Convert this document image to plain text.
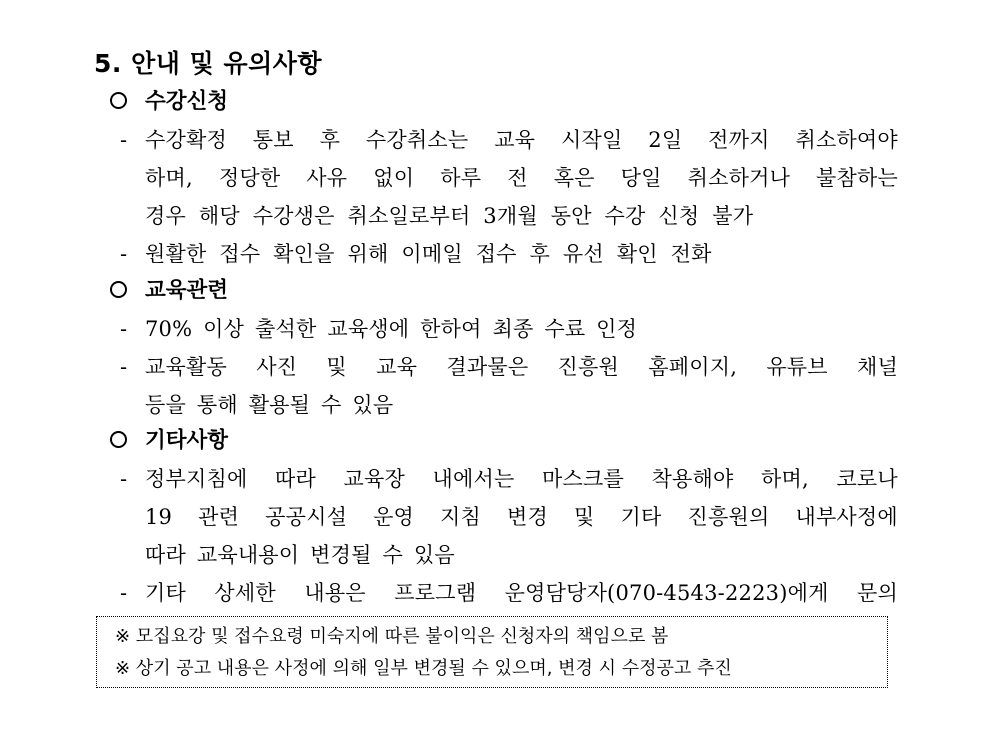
5. 안내 및 유의사항
수강신청
- 수강확정 통보 후 수강취소는 교육 시작일 2일 전까지 취소하여야
하며, 정당한 사유 없이 하루 전 혹은 당일 취소하거나 불참하는
경우 해당 수강생은 취소일로부터 3개월 동안 수강 신청 불가
- 원활한 접수 확인을 위해 이메일 접수 후 유선 확인 전화
교육관련
- 70% 이상 출석한 교육생에 한하여 최종 수료 인정
- 교육활동 사진 및 교육 결과물은 진흥원 홈페이지, 유튜브 채널
등을 통해 활용될 수 있음
기타사항
- 정부지침에 따라 교육장 내에서는 마스크를 착용해야 하며, 코로나
19 관련 공공시설 운영 지침 변경 및 기타 진흥원의 내부사정에
따라 교육내용이 변경될 수 있음
- 기타 상세한 내용은 프로그램 운영담당자(070-4543-2223)에게 문의
※ 모집요강 및 접수요령 미숙지에 따른 불이익은 신청자의 책임으로 봄
※ 상기 공고 내용은 사정에 의해 일부 변경될 수 있으며, 변경 시 수정공고 추진
